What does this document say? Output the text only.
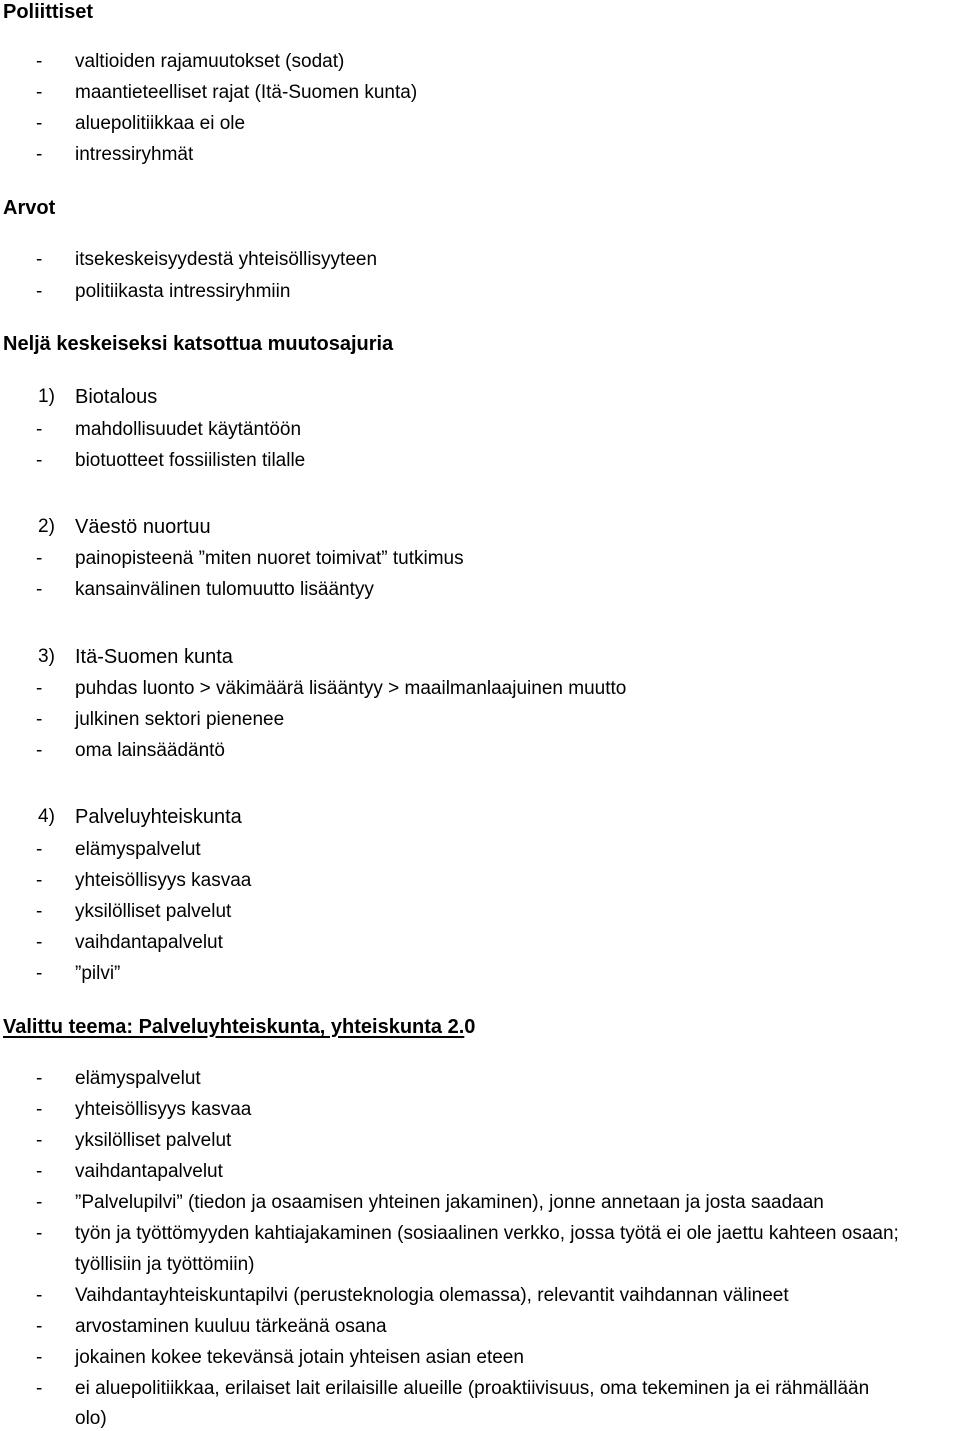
Poliittiset
-	valtioiden rajamuutokset (sodat)
-	maantieteelliset rajat (Itä-Suomen kunta)
-	aluepolitiikkaa ei ole
-	intressiryhmät
Arvot
-	itsekeskeisyydestä yhteisöllisyyteen
-	politiikasta intressiryhmiin
Neljä keskeiseksi katsottua muutosajuria
1)	Biotalous
-	mahdollisuudet käytäntöön
-	biotuotteet fossiilisten tilalle
2)	Väestö nuortuu
-	painopisteenä ”miten nuoret toimivat” tutkimus
-	kansainvälinen tulomuutto lisääntyy
3)	Itä-Suomen kunta
-	puhdas luonto > väkimäärä lisääntyy > maailmanlaajuinen muutto
-	julkinen sektori pienenee
-	oma lainsäädäntö
4)	Palveluyhteiskunta
-	elämyspalvelut
-	yhteisöllisyys kasvaa
-	yksilölliset palvelut
-	vaihdantapalvelut
-	”pilvi”
Valittu teema: Palveluyhteiskunta, yhteiskunta 2.0
-	elämyspalvelut
-	yhteisöllisyys kasvaa
-	yksilölliset palvelut
-	vaihdantapalvelut
-	”Palvelupilvi” (tiedon ja osaamisen yhteinen jakaminen), jonne annetaan ja josta saadaan
-	työn ja työttömyyden kahtiajakaminen (sosiaalinen verkko, jossa työtä ei ole jaettu kahteen osaan;
työllisiin ja työttömiin)
-	Vaihdantayhteiskuntapilvi (perusteknologia olemassa), relevantit vaihdannan välineet
-	arvostaminen kuuluu tärkeänä osana
-	jokainen kokee tekevänsä jotain yhteisen asian eteen
-	ei aluepolitiikkaa, erilaiset lait erilaisille alueille (proaktiivisuus, oma tekeminen ja ei rähmällään
olo)
